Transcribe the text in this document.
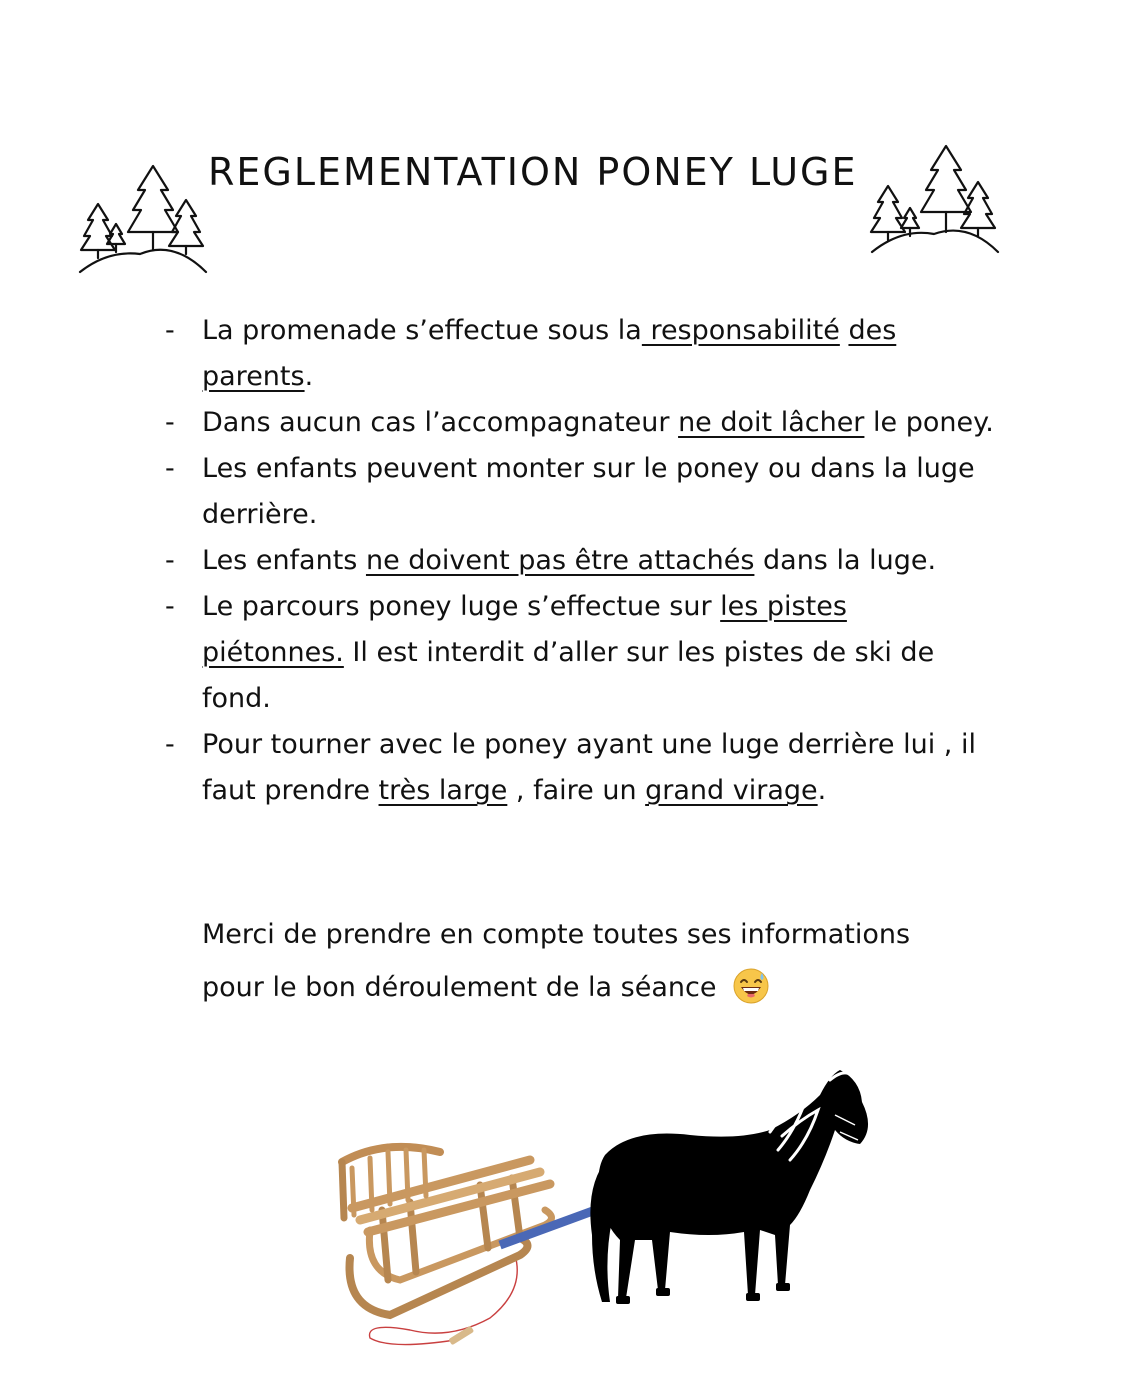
REGLEMENTATION PONEY LUGE
- La promenade s’effectue sous la responsabilité des parents.
- Dans aucun cas l’accompagnateur ne doit lâcher le poney.
- Les enfants peuvent monter sur le poney ou dans la luge derrière.
- Les enfants ne doivent pas être attachés dans la luge.
- Le parcours poney luge s’effectue sur les pistes piétonnes. Il est interdit d’aller sur les pistes de ski de fond.
- Pour tourner avec le poney ayant une luge derrière lui , il faut prendre très large , faire un grand virage.

Merci de prendre en compte toutes ses informations
pour le bon déroulement de la séance
